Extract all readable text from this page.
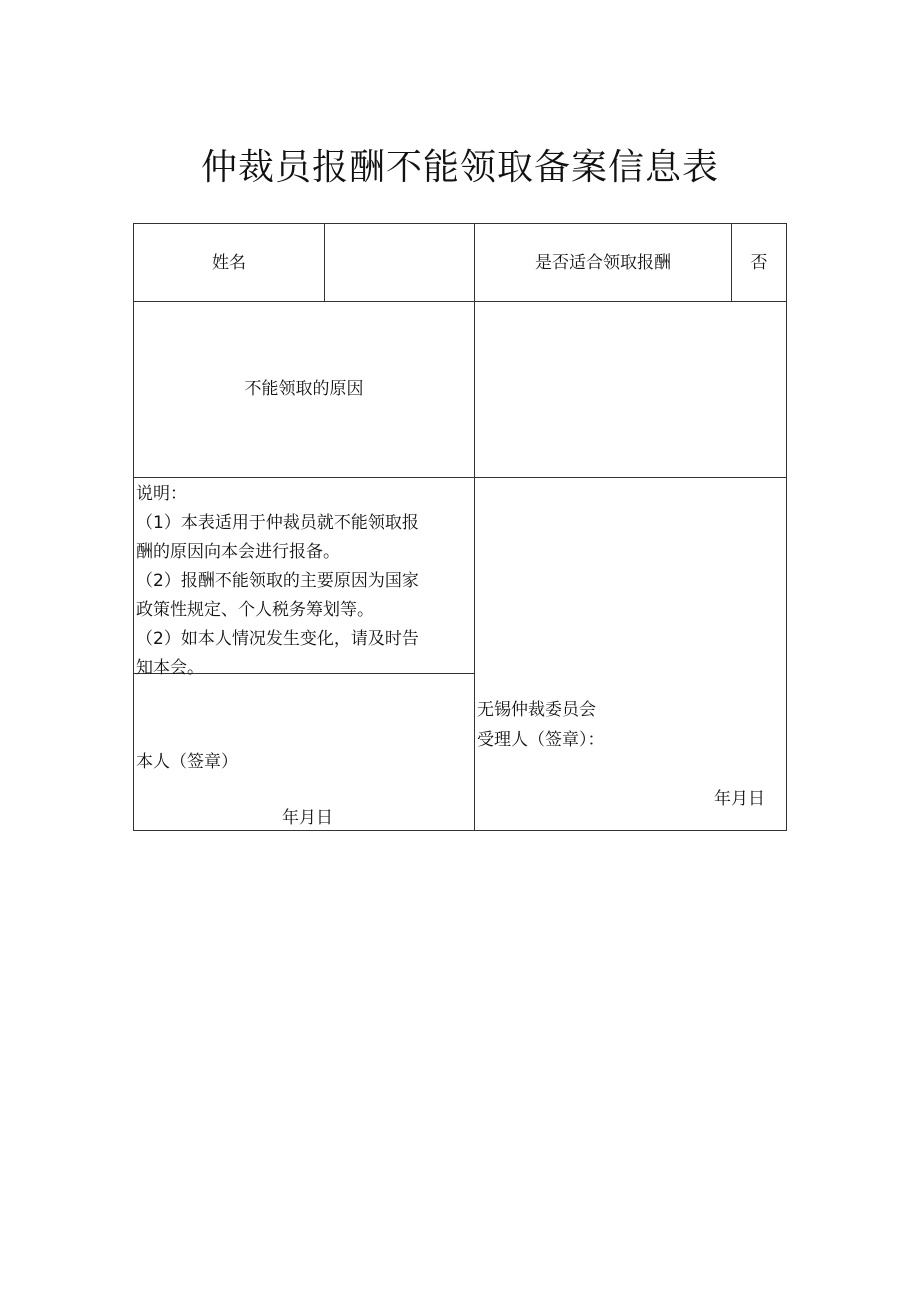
仲裁员报酬不能领取备案信息表
姓名	是否适合领取报酬	否
不能领取的原因
说明：
（1）本表适用于仲裁员就不能领取报
酬的原因向本会进行报备。
（2）报酬不能领取的主要原因为国家
政策性规定、个人税务筹划等。
（2）如本人情况发生变化，请及时告
知本会。
本人（签章）
年月日
无锡仲裁委员会
受理人（签章）：
年月日
